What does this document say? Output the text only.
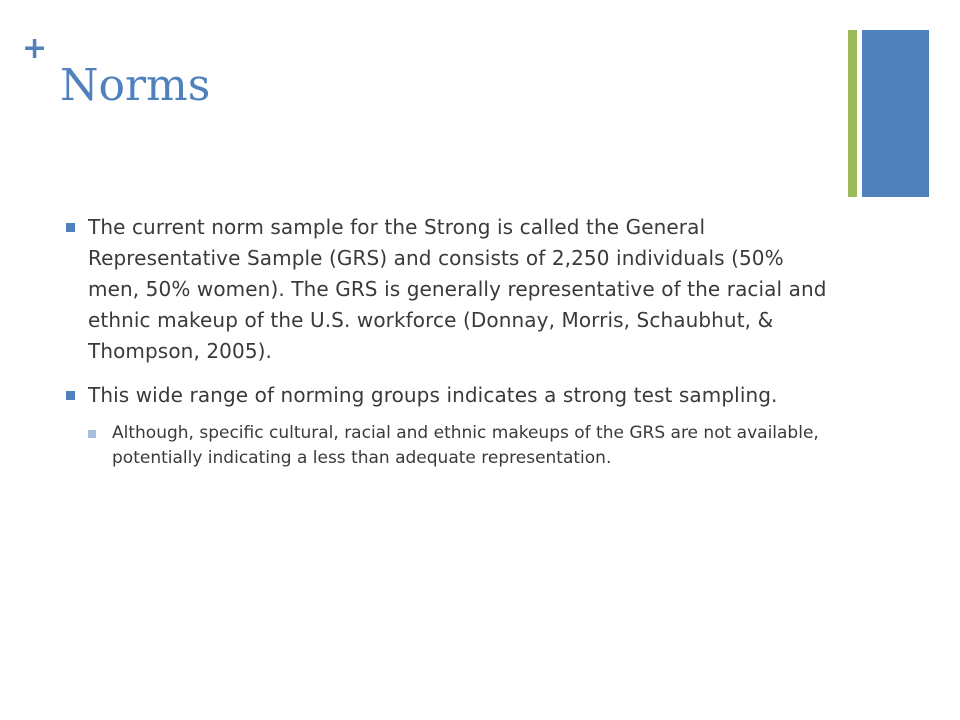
+
Norms
The current norm sample for the Strong is called the General Representative Sample (GRS) and consists of 2,250 individuals (50% men, 50% women). The GRS is generally representative of the racial and ethnic makeup of the U.S. workforce (Donnay, Morris, Schaubhut, & Thompson, 2005).
This wide range of norming groups indicates a strong test sampling.
Although, specific cultural, racial and ethnic makeups of the GRS are not available, potentially indicating a less than adequate representation.
